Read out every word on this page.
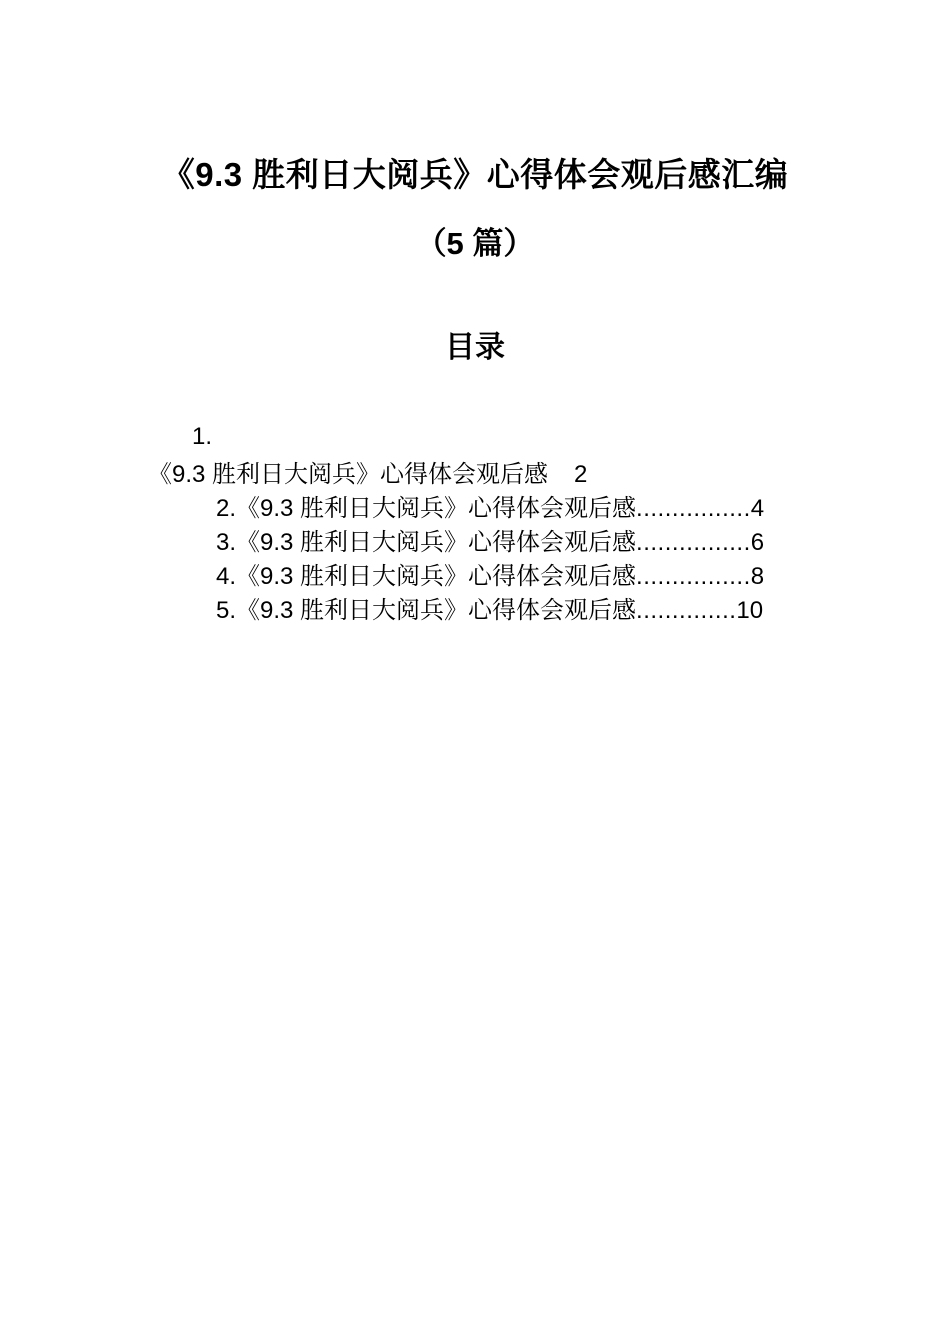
《9.3 胜利日大阅兵》心得体会观后感汇编
（5 篇）
目录
1.
《9.3 胜利日大阅兵》心得体会观后感 2
2.《9.3 胜利日大阅兵》心得体会观后感................4
3.《9.3 胜利日大阅兵》心得体会观后感................6
4.《9.3 胜利日大阅兵》心得体会观后感................8
5.《9.3 胜利日大阅兵》心得体会观后感..............10
